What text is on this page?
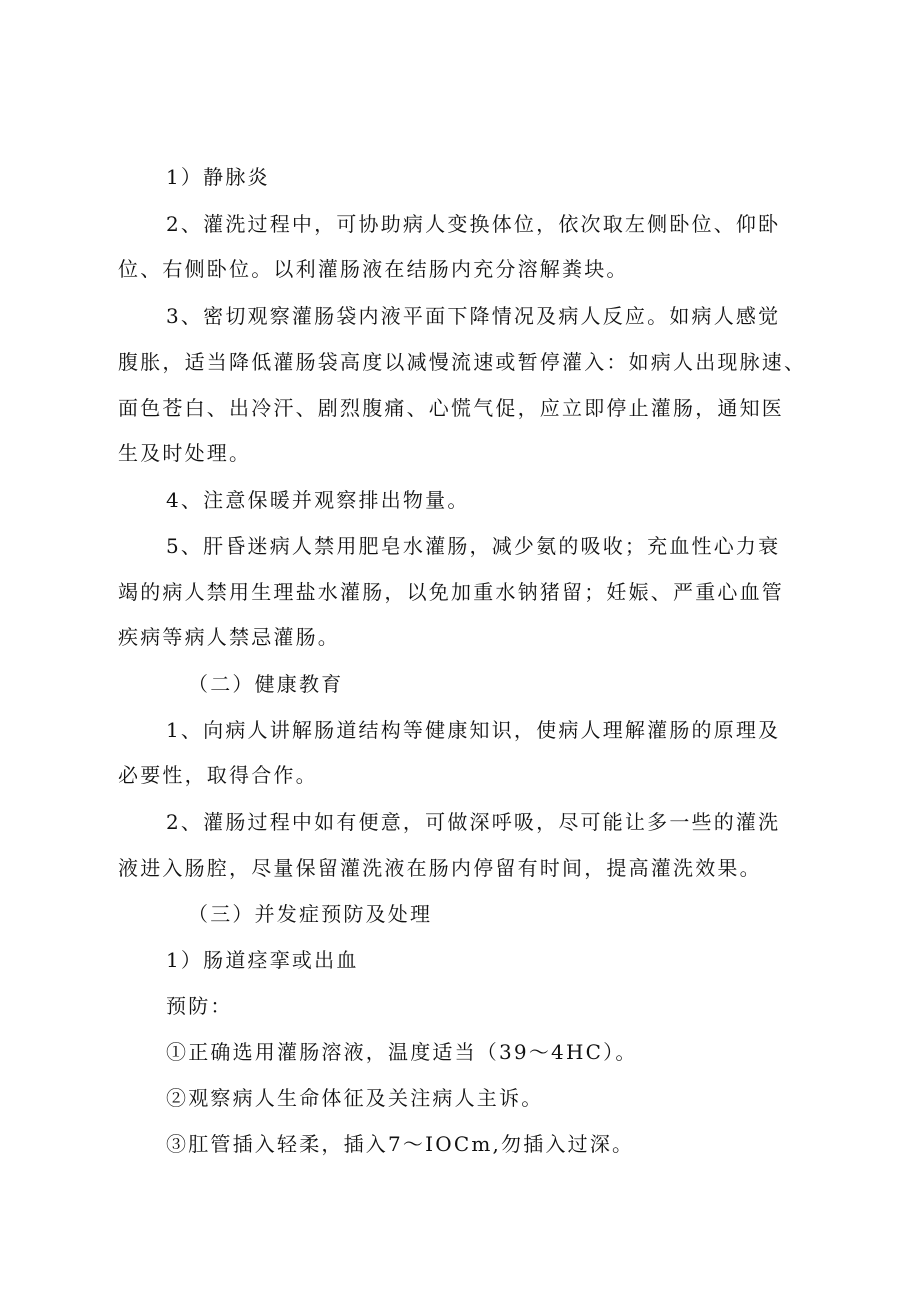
1）静脉炎
2、灌洗过程中，可协助病人变换体位，依次取左侧卧位、仰卧
位、右侧卧位。以利灌肠液在结肠内充分溶解粪块。
3、密切观察灌肠袋内液平面下降情况及病人反应。如病人感觉
腹胀，适当降低灌肠袋高度以减慢流速或暂停灌入：如病人出现脉速、
面色苍白、出冷汗、剧烈腹痛、心慌气促，应立即停止灌肠，通知医
生及时处理。
4、注意保暖并观察排出物量。
5、肝昏迷病人禁用肥皂水灌肠，减少氨的吸收；充血性心力衰
竭的病人禁用生理盐水灌肠，以免加重水钠猪留；妊娠、严重心血管
疾病等病人禁忌灌肠。
（二）健康教育
1、向病人讲解肠道结构等健康知识，使病人理解灌肠的原理及
必要性，取得合作。
2、灌肠过程中如有便意，可做深呼吸，尽可能让多一些的灌洗
液进入肠腔，尽量保留灌洗液在肠内停留有时间，提高灌洗效果。
（三）并发症预防及处理
1）肠道痉挛或出血
预防：
①正确选用灌肠溶液，温度适当（39～4HC）。
②观察病人生命体征及关注病人主诉。
③肛管插入轻柔，插入7～IOCm,勿插入过深。
